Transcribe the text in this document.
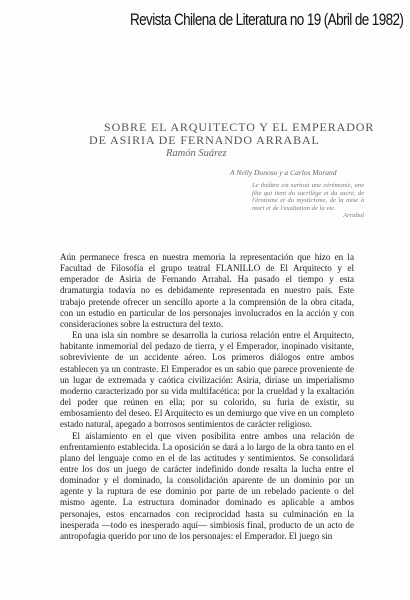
Revista Chilena de Literatura no 19 (Abril de 1982)
SOBRE EL ARQUITECTO Y EL EMPERADOR
DE ASIRIA DE FERNANDO ARRABAL
Ramón Suárez
A Nelly Donoso y a Carlos Morand
Le théâtre est surtout une cérémonie, une fête qui tient du sacrilège et du sacré, de l'érotisme et du mysticisme, de la mise à mort et de l'exaltation de la vie.
Arrabal

Aún permanece fresca en nuestra memoria la representación que hizo en la Facultad de Filosofía el grupo teatral FLANILLO de El Arquitecto y el emperador de Asiria de Fernando Arrabal. Ha pasado el tiempo y esta dramaturgia todavía no es debidamente representada en nuestro país. Este trabajo pretende ofrecer un sencillo aporte a la comprensión de la obra citada, con un estudio en particular de los personajes involucrados en la acción y con consideraciones sobre la estructura del texto.

En una isla sin nombre se desarrolla la curiosa relación entre el Arquitecto, habitante inmemorial del pedazo de tierra, y el Emperador, inopinado visitante, sobreviviente de un accidente aéreo. Los primeros diálogos entre ambos establecen ya un contraste. El Emperador es un sabio que parece proveniente de un lugar de extremada y caótica civilización: Asiria, diríase un imperialismo moderno caracterizado por su vida multifacética: por la crueldad y la exaltación del poder que reúnen en ella; por su colorido, su furia de existir, su embosamiento del deseo. El Arquitecto es un demiurgo que vive en un completo estado natural, apegado a borrosos sentimientos de carácter religioso.

El aislamiento en el que viven posibilita entre ambos una relación de enfrentamiento establecida. La oposición se dará a lo largo de la obra tanto en el plano del lenguaje como en el de las actitudes y sentimientos. Se consolidará entre los dos un juego de carácter indefinido donde resalta la lucha entre el dominador y el dominado, la consolidación aparente de un dominio por un agente y la ruptura de ese dominio por parte de un rebelado paciente o del mismo agente. La estructura dominador dominado es aplicable a ambos personajes, estos encarnados con reciprocidad hasta su culminación en la inesperada —todo es inesperado aquí— simbiosis final, producto de un acto de antropofagia querido por uno de los personajes: el Emperador. El juego sin
